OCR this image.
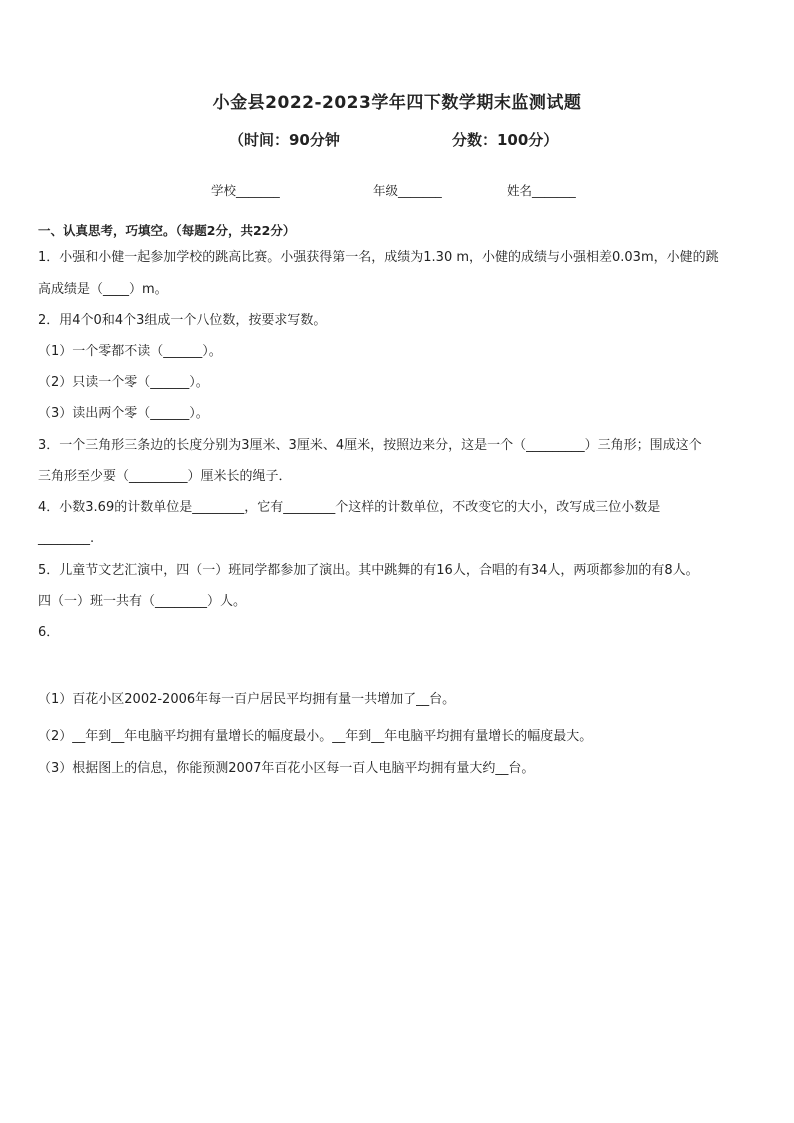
小金县2022-2023学年四下数学期末监测试题
（时间：90分钟	分数：100分）
学校_______	年级_______	姓名_______
一、认真思考，巧填空。（每题2分，共22分）
1．小强和小健一起参加学校的跳高比赛。小强获得第一名，成绩为1.30 m，小健的成绩与小强相差0.03m，小健的跳
高成绩是（____）m。
2．用4个0和4个3组成一个八位数，按要求写数。
（1）一个零都不读（______）。
（2）只读一个零（______）。
（3）读出两个零（______）。
3．一个三角形三条边的长度分别为3厘米、3厘米、4厘米，按照边来分，这是一个（_________）三角形；围成这个
三角形至少要（_________）厘米长的绳子．
4．小数3.69的计数单位是________，它有________个这样的计数单位，不改变它的大小，改写成三位小数是
________.
5．儿童节文艺汇演中，四（一）班同学都参加了演出。其中跳舞的有16人，合唱的有34人，两项都参加的有8人。
四（一）班一共有（________）人。
6．
（1）百花小区2002-2006年每一百户居民平均拥有量一共增加了__台。
（2）__年到__年电脑平均拥有量增长的幅度最小。__年到__年电脑平均拥有量增长的幅度最大。
（3）根据图上的信息，你能预测2007年百花小区每一百人电脑平均拥有量大约__台。
